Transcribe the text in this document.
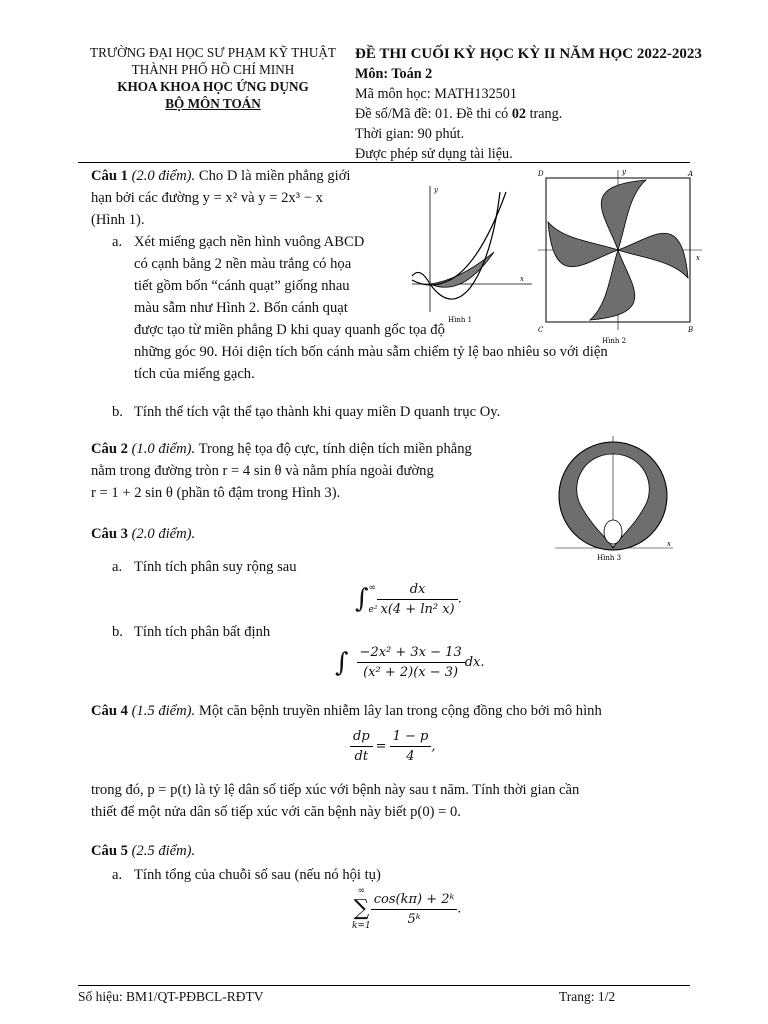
TRƯỜNG ĐẠI HỌC SƯ PHẠM KỸ THUẬT
THÀNH PHỐ HỒ CHÍ MINH
KHOA KHOA HỌC ỨNG DỤNG
BỘ MÔN TOÁN
ĐỀ THI CUỐI KỲ HỌC KỲ II NĂM HỌC 2022-2023
Môn: Toán 2
Mã môn học: MATH132501
Đề số/Mã đề: 01. Đề thi có 02 trang.
Thời gian: 90 phút.
Được phép sử dụng tài liệu.
Câu 1 (2.0 điểm). Cho D là miền phẳng giới
hạn bởi các đường y = x² và y = 2x³ − x
(Hình 1).
a. Xét miếng gạch nền hình vuông ABCD
có cạnh bằng 2 nền màu trắng có họa
tiết gồm bốn “cánh quạt” giống nhau
màu sẫm như Hình 2. Bốn cánh quạt
được tạo từ miền phẳng D khi quay quanh gốc tọa độ
những góc 90. Hỏi diện tích bốn cánh màu sẫm chiếm tỷ lệ bao nhiêu so với diện
tích của miếng gạch.
b. Tính thể tích vật thể tạo thành khi quay miền D quanh trục Oy.
y
x
Hình 1
A
B
C
D	y
x
Hình 2
Câu 2 (1.0 điểm). Trong hệ tọa độ cực, tính diện tích miền phẳng
nằm trong đường tròn r = 4 sin θ và nằm phía ngoài đường
r = 1 + 2 sin θ (phần tô đậm trong Hình 3).
x
Hình 3
Câu 3 (2.0 điểm).
a. Tính tích phân suy rộng sau
∫ ∞
$e^2 \frac{dx}{\text{x(4 + ln² x)}}$ .
b. Tính tích phân bất định
∫ $\frac{\text{−2x² + 3x − 13}}{\text{(x² + 2)(x − 3)}}$ dx.
Câu 4 (1.5 điểm). Một căn bệnh truyền nhiễm lây lan trong cộng đồng cho bởi mô hình
$\frac{dp}{dt} = \frac{1 - p}{4}$ ,
trong đó, p = p(t) là tỷ lệ dân số tiếp xúc với bệnh này sau t năm. Tính thời gian cần
thiết để một nửa dân số tiếp xúc với căn bệnh này biết p(0) = 0.
Câu 5 (2.5 điểm).
a. Tính tổng của chuỗi số sau (nếu nó hội tụ)
∞
∑
$k=1 \frac{\text{cos(kπ) + 2ᵏ}}{\text{5ᵏ}}$ .
Số hiệu: BM1/QT-PĐBCL-RĐTV	Trang: 1/2
